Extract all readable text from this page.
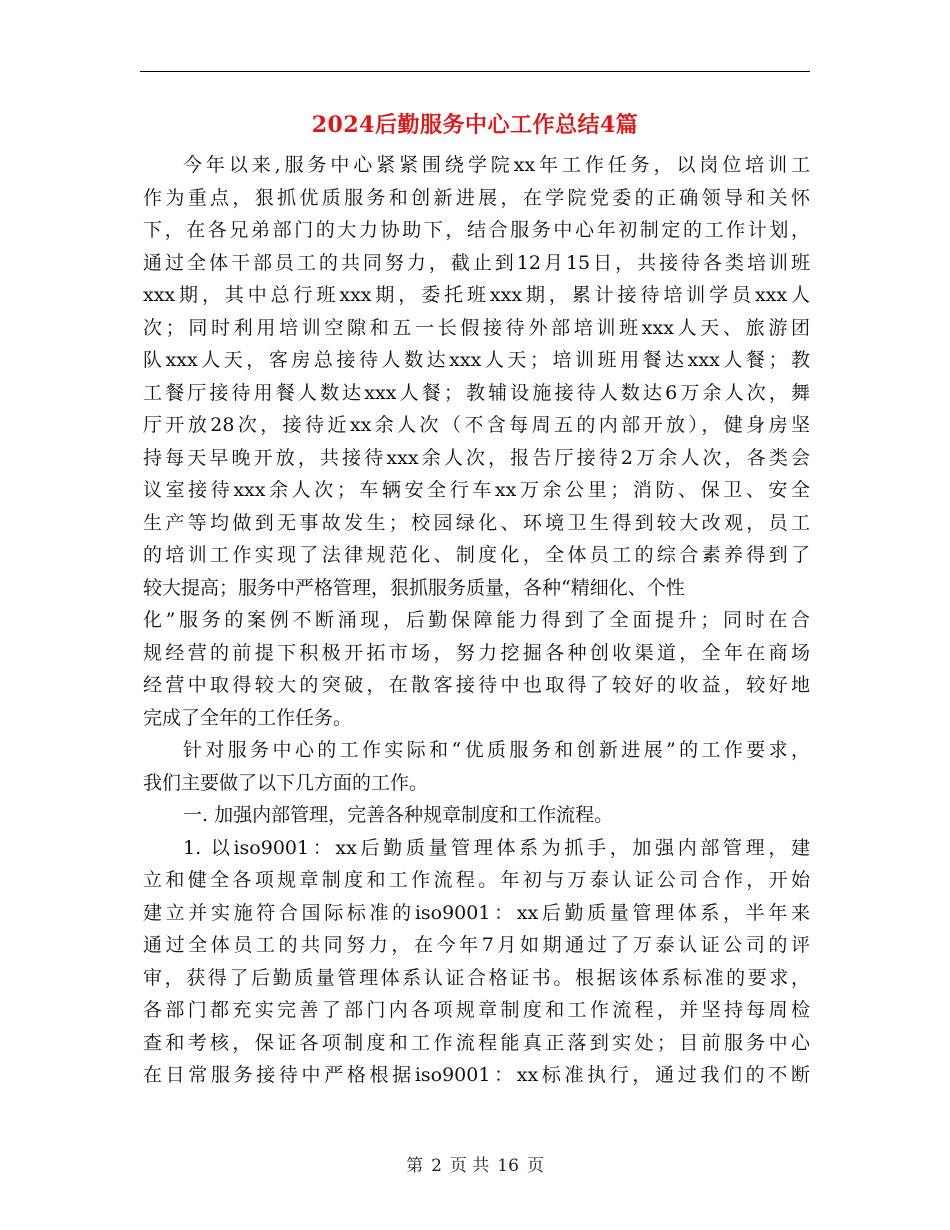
2024后勤服务中心工作总结4篇
今年以来,服务中心紧紧围绕学院xx年工作任务，以岗位培训工
作为重点，狠抓优质服务和创新进展，在学院党委的正确领导和关怀
下，在各兄弟部门的大力协助下，结合服务中心年初制定的工作计划，
通过全体干部员工的共同努力，截止到12月15日，共接待各类培训班
xxx期，其中总行班xxx期，委托班xxx期，累计接待培训学员xxx人
次；同时利用培训空隙和五一长假接待外部培训班xxx人天、旅游团
队xxx人天，客房总接待人数达xxx人天；培训班用餐达xxx人餐；教
工餐厅接待用餐人数达xxx人餐；教辅设施接待人数达6万余人次，舞
厅开放28次，接待近xx余人次（不含每周五的内部开放），健身房坚
持每天早晚开放，共接待xxx余人次，报告厅接待2万余人次，各类会
议室接待xxx余人次；车辆安全行车xx万余公里；消防、保卫、安全
生产等均做到无事故发生；校园绿化、环境卫生得到较大改观，员工
的培训工作实现了法律规范化、制度化，全体员工的综合素养得到了
较大提高；服务中严格管理，狠抓服务质量，各种“精细化、个性
化”服务的案例不断涌现，后勤保障能力得到了全面提升；同时在合
规经营的前提下积极开拓市场，努力挖掘各种创收渠道，全年在商场
经营中取得较大的突破，在散客接待中也取得了较好的收益，较好地
完成了全年的工作任务。
针对服务中心的工作实际和“优质服务和创新进展”的工作要求，
我们主要做了以下几方面的工作。
一. 加强内部管理，完善各种规章制度和工作流程。
1. 以iso9001：xx后勤质量管理体系为抓手，加强内部管理，建
立和健全各项规章制度和工作流程。年初与万泰认证公司合作，开始
建立并实施符合国际标准的iso9001：xx后勤质量管理体系，半年来
通过全体员工的共同努力，在今年7月如期通过了万泰认证公司的评
审，获得了后勤质量管理体系认证合格证书。根据该体系标准的要求，
各部门都充实完善了部门内各项规章制度和工作流程，并坚持每周检
查和考核，保证各项制度和工作流程能真正落到实处；目前服务中心
在日常服务接待中严格根据iso9001：xx标准执行，通过我们的不断
第 2 页 共 16 页
